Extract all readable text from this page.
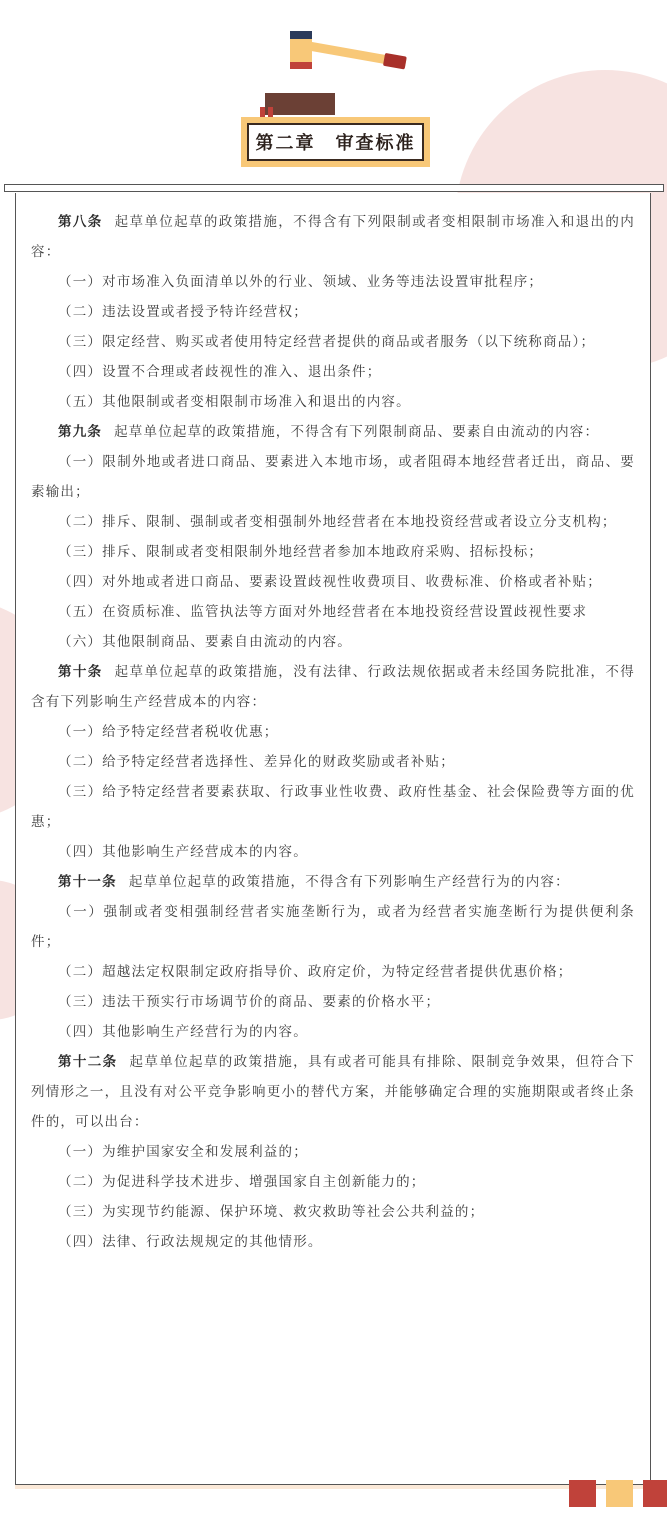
第二章　审查标准

第八条 起草单位起草的政策措施，不得含有下列限制或者变相限制市场准入和退出的内容：

（一）对市场准入负面清单以外的行业、领域、业务等违法设置审批程序；

（二）违法设置或者授予特许经营权；

（三）限定经营、购买或者使用特定经营者提供的商品或者服务（以下统称商品）；

（四）设置不合理或者歧视性的准入、退出条件；

（五）其他限制或者变相限制市场准入和退出的内容。

第九条 起草单位起草的政策措施，不得含有下列限制商品、要素自由流动的内容：

（一）限制外地或者进口商品、要素进入本地市场，或者阻碍本地经营者迁出，商品、要素输出；

（二）排斥、限制、强制或者变相强制外地经营者在本地投资经营或者设立分支机构；

（三）排斥、限制或者变相限制外地经营者参加本地政府采购、招标投标；

（四）对外地或者进口商品、要素设置歧视性收费项目、收费标准、价格或者补贴；

（五）在资质标准、监管执法等方面对外地经营者在本地投资经营设置歧视性要求

（六）其他限制商品、要素自由流动的内容。

第十条 起草单位起草的政策措施，没有法律、行政法规依据或者未经国务院批准，不得含有下列影响生产经营成本的内容：

（一）给予特定经营者税收优惠；

（二）给予特定经营者选择性、差异化的财政奖励或者补贴；

（三）给予特定经营者要素获取、行政事业性收费、政府性基金、社会保险费等方面的优惠；

（四）其他影响生产经营成本的内容。

第十一条 起草单位起草的政策措施，不得含有下列影响生产经营行为的内容：

（一）强制或者变相强制经营者实施垄断行为，或者为经营者实施垄断行为提供便利条件；

（二）超越法定权限制定政府指导价、政府定价，为特定经营者提供优惠价格；

（三）违法干预实行市场调节价的商品、要素的价格水平；

（四）其他影响生产经营行为的内容。

第十二条 起草单位起草的政策措施，具有或者可能具有排除、限制竞争效果，但符合下列情形之一，且没有对公平竞争影响更小的替代方案，并能够确定合理的实施期限或者终止条件的，可以出台：

（一）为维护国家安全和发展利益的；

（二）为促进科学技术进步、增强国家自主创新能力的；

（三）为实现节约能源、保护环境、救灾救助等社会公共利益的；

（四）法律、行政法规规定的其他情形。
